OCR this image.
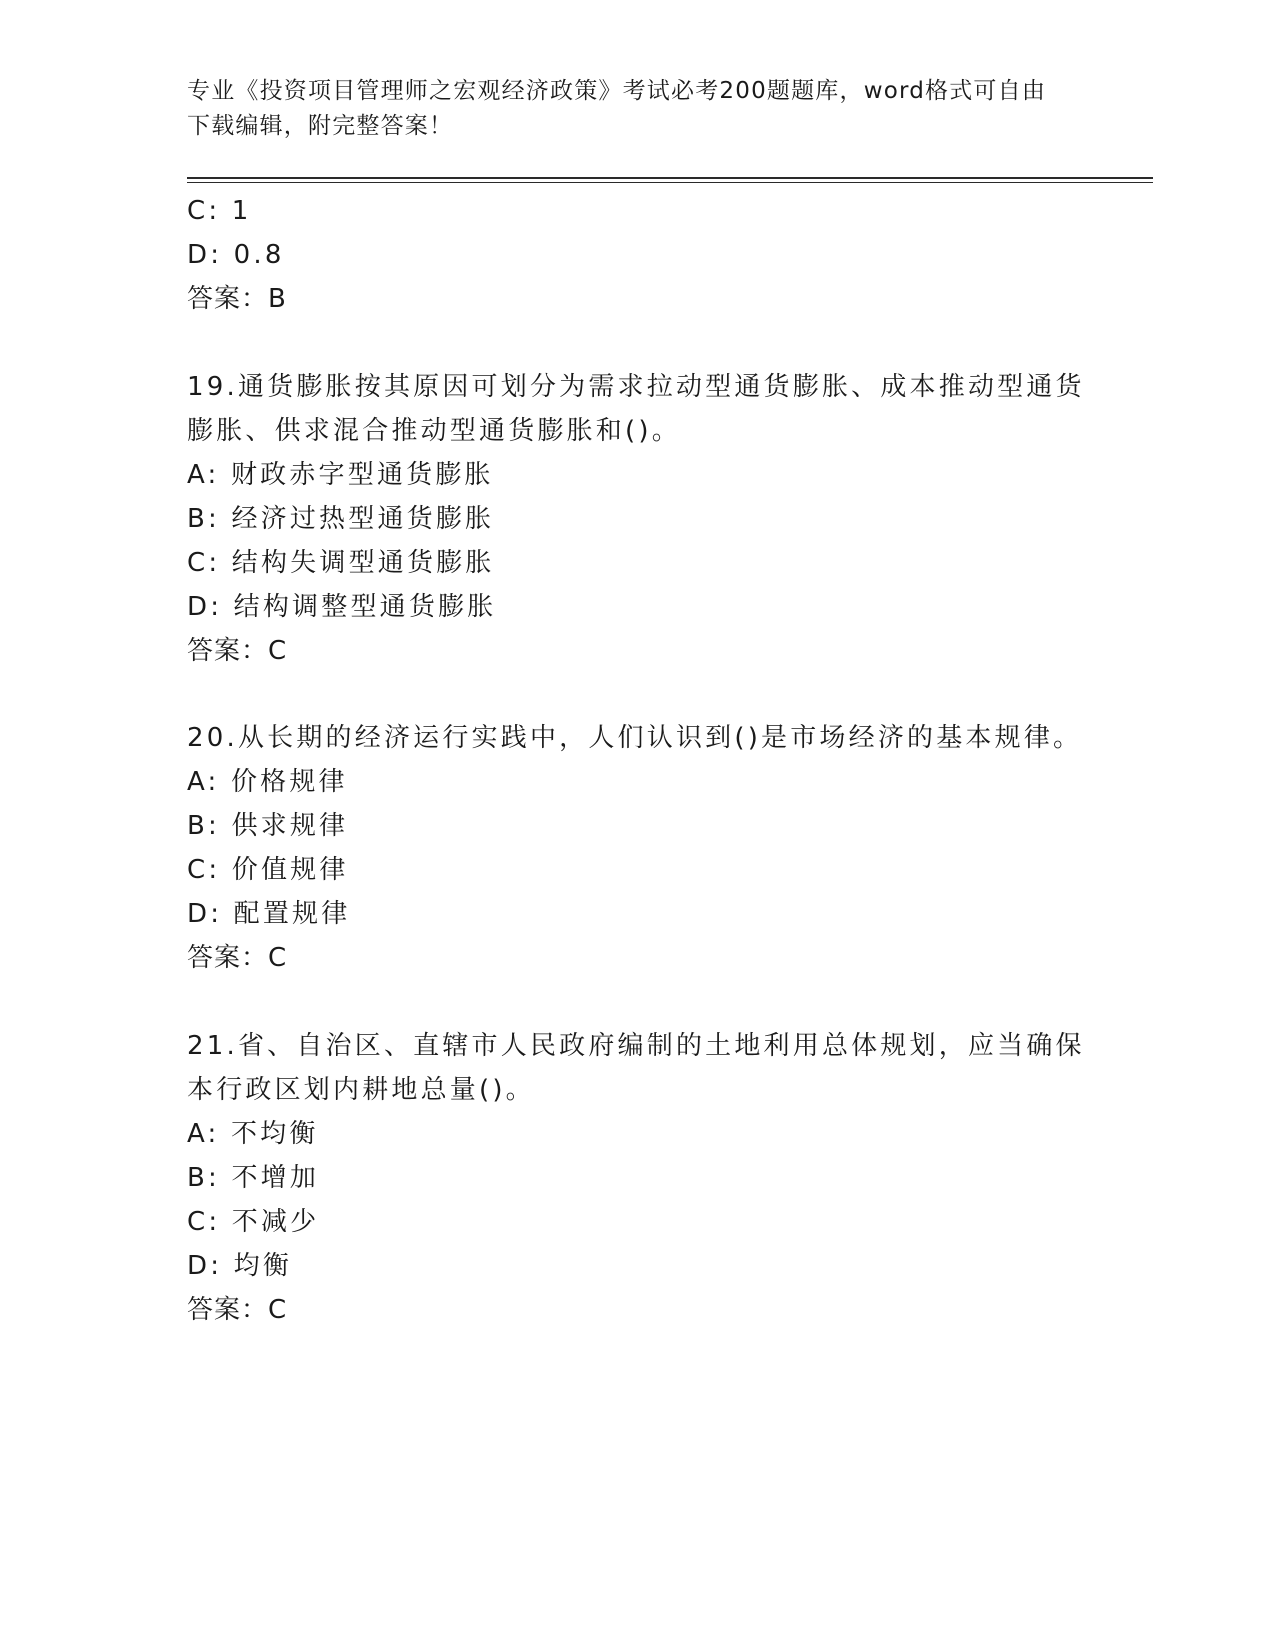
专业《投资项目管理师之宏观经济政策》考试必考200题题库，word格式可自由
下载编辑，附完整答案！
C: 1
D: 0.8
答案：B
19.通货膨胀按其原因可划分为需求拉动型通货膨胀、成本推动型通货
膨胀、供求混合推动型通货膨胀和()。
A: 财政赤字型通货膨胀
B: 经济过热型通货膨胀
C: 结构失调型通货膨胀
D: 结构调整型通货膨胀
答案：C
20.从长期的经济运行实践中，人们认识到()是市场经济的基本规律。
A: 价格规律
B: 供求规律
C: 价值规律
D: 配置规律
答案：C
21.省、自治区、直辖市人民政府编制的土地利用总体规划，应当确保
本行政区划内耕地总量()。
A: 不均衡
B: 不增加
C: 不减少
D: 均衡
答案：C
